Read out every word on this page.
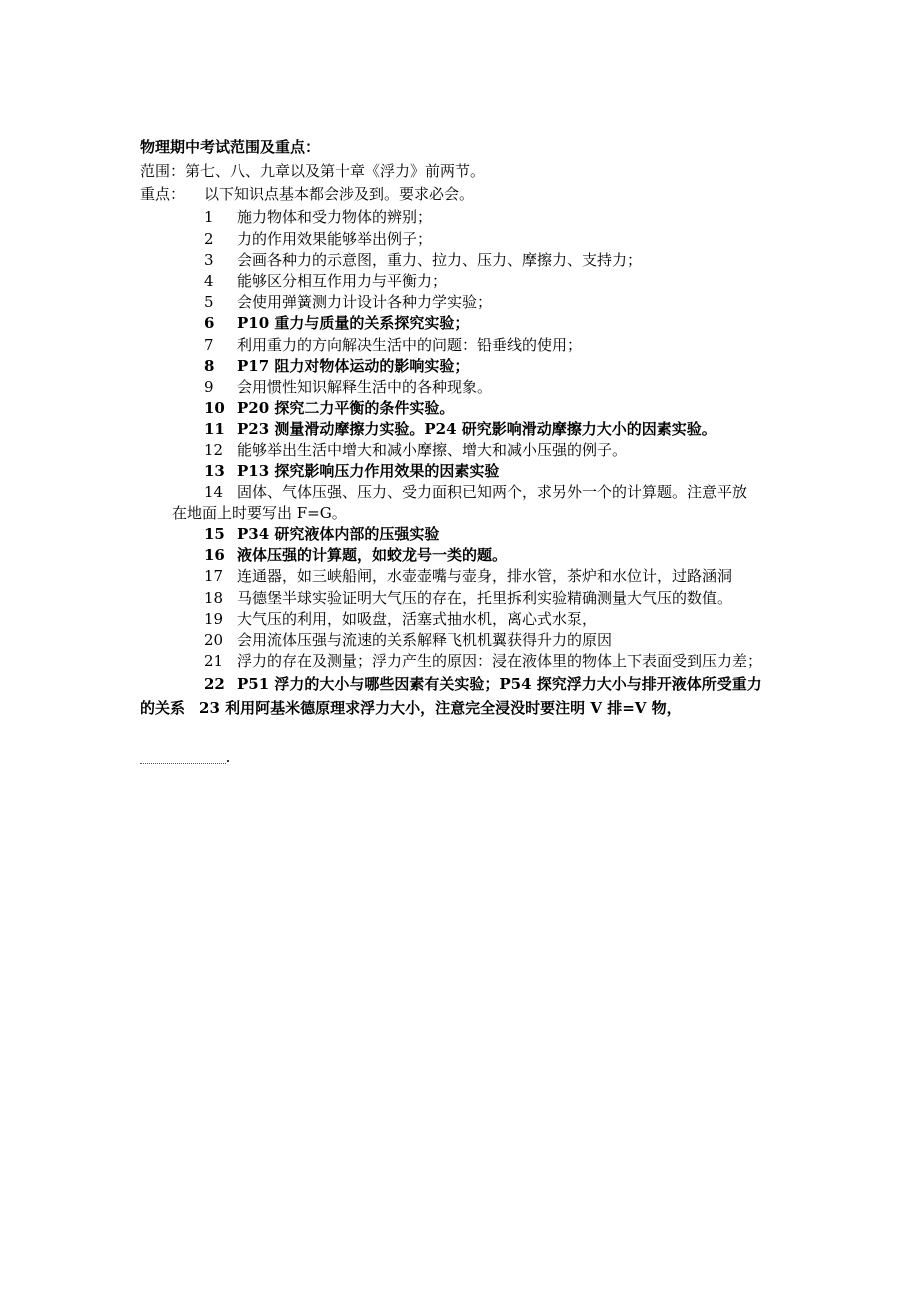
物理期中考试范围及重点：
范围：第七、八、九章以及第十章《浮力》前两节。
重点： 以下知识点基本都会涉及到。要求必会。
1 施力物体和受力物体的辨别；
2 力的作用效果能够举出例子；
3 会画各种力的示意图，重力、拉力、压力、摩擦力、支持力；
4 能够区分相互作用力与平衡力；
5 会使用弹簧测力计设计各种力学实验；
6 P10 重力与质量的关系探究实验；
7 利用重力的方向解决生活中的问题：铅垂线的使用；
8 P17 阻力对物体运动的影响实验；
9 会用惯性知识解释生活中的各种现象。
10 P20 探究二力平衡的条件实验。
11 P23 测量滑动摩擦力实验。P24 研究影响滑动摩擦力大小的因素实验。
12 能够举出生活中增大和减小摩擦、增大和减小压强的例子。
13 P13 探究影响压力作用效果的因素实验
14 固体、气体压强、压力、受力面积已知两个，求另外一个的计算题。注意平放
15 P34 研究液体内部的压强实验
16 液体压强的计算题，如蛟龙号一类的题。
17 连通器，如三峡船闸，水壶壶嘴与壶身，排水管，茶炉和水位计，过路涵洞
18 马德堡半球实验证明大气压的存在，托里拆利实验精确测量大气压的数值。
19 大气压的利用，如吸盘，活塞式抽水机，离心式水泵，
20 会用流体压强与流速的关系解释飞机机翼获得升力的原因
21 浮力的存在及测量；浮力产生的原因：浸在液体里的物体上下表面受到压力差；
22 P51 浮力的大小与哪些因素有关实验；P54 探究浮力大小与排开液体所受重力
在地面上时要写出 F=G。
的关系 23 利用阿基米德原理求浮力大小，注意完全浸没时要注明 V 排=V 物，
